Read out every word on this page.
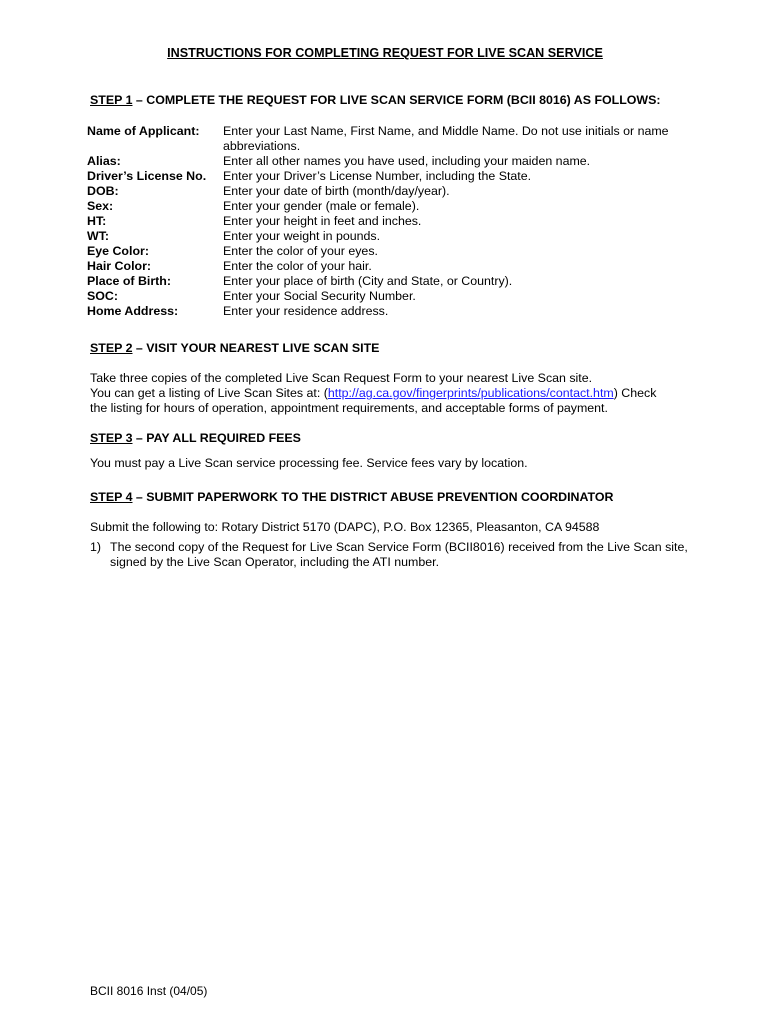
INSTRUCTIONS FOR COMPLETING REQUEST FOR LIVE SCAN SERVICE
STEP 1 – COMPLETE THE REQUEST FOR LIVE SCAN SERVICE FORM (BCII 8016) AS FOLLOWS:
Name of Applicant:	Enter your Last Name, First Name, and Middle Name. Do not use initials or name abbreviations.
Alias:	Enter all other names you have used, including your maiden name.
Driver’s License No.	Enter your Driver’s License Number, including the State.
DOB:	Enter your date of birth (month/day/year).
Sex:	Enter your gender (male or female).
HT:	Enter your height in feet and inches.
WT:	Enter your weight in pounds.
Eye Color:	Enter the color of your eyes.
Hair Color:	Enter the color of your hair.
Place of Birth:	Enter your place of birth (City and State, or Country).
SOC:	Enter your Social Security Number.
Home Address:	Enter your residence address.
STEP 2 – VISIT YOUR NEAREST LIVE SCAN SITE
Take three copies of the completed Live Scan Request Form to your nearest Live Scan site.
You can get a listing of Live Scan Sites at: (http://ag.ca.gov/fingerprints/publications/contact.htm) Check
the listing for hours of operation, appointment requirements, and acceptable forms of payment.
STEP 3 – PAY ALL REQUIRED FEES
You must pay a Live Scan service processing fee. Service fees vary by location.
STEP 4 – SUBMIT PAPERWORK TO THE DISTRICT ABUSE PREVENTION COORDINATOR
Submit the following to: Rotary District 5170 (DAPC), P.O. Box 12365, Pleasanton, CA 94588
1) The second copy of the Request for Live Scan Service Form (BCII8016) received from the Live Scan site, signed by the Live Scan Operator, including the ATI number.
BCII 8016 Inst (04/05)
